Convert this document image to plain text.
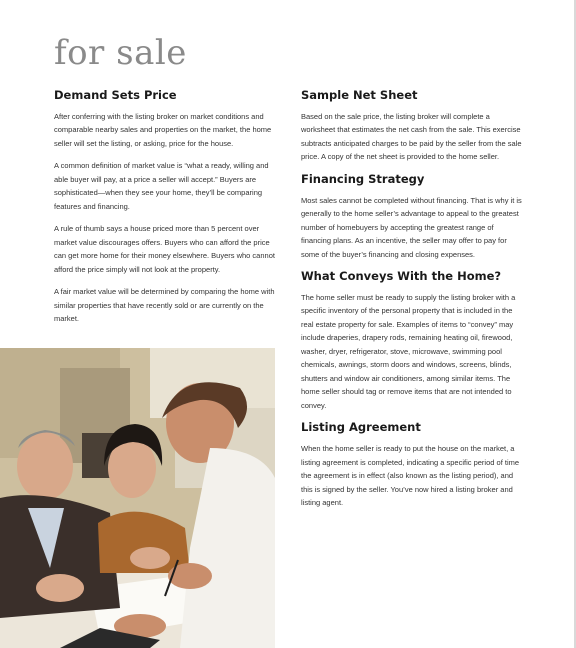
for sale
Demand Sets Price

After conferring with the listing broker on market conditions and comparable nearby sales and properties on the market, the home seller will set the listing, or asking, price for the house.

A common definition of market value is “what a ready, willing and able buyer will pay, at a price a seller will accept.” Buyers are sophisticated—when they see your home, they’ll be comparing features and financing.

A rule of thumb says a house priced more than 5 percent over market value discourages offers. Buyers who can afford the price can get more home for their money elsewhere. Buyers who cannot afford the price simply will not look at the property.

A fair market value will be determined by comparing the home with similar properties that have recently sold or are currently on the market.

Sample Net Sheet

Based on the sale price, the listing broker will complete a worksheet that estimates the net cash from the sale. This exercise subtracts anticipated charges to be paid by the seller from the sale price. A copy of the net sheet is provided to the home seller.

Financing Strategy

Most sales cannot be completed without financing. That is why it is generally to the home seller’s advantage to appeal to the greatest number of homebuyers by accepting the greatest range of financing plans. As an incentive, the seller may offer to pay for some of the buyer’s financing and closing expenses.

What Conveys With the Home?

The home seller must be ready to supply the listing broker with a specific inventory of the personal property that is included in the real estate property for sale. Examples of items to “convey” may include draperies, drapery rods, remaining heating oil, firewood, washer, dryer, refrigerator, stove, microwave, swimming pool chemicals, awnings, storm doors and windows, screens, blinds, shutters and window air conditioners, among similar items. The home seller should tag or remove items that are not intended to convey.

Listing Agreement

When the home seller is ready to put the house on the market, a listing agreement is completed, indicating a specific period of time the agreement is in effect (also known as the listing period), and this is signed by the seller. You’ve now hired a listing broker and listing agent.
